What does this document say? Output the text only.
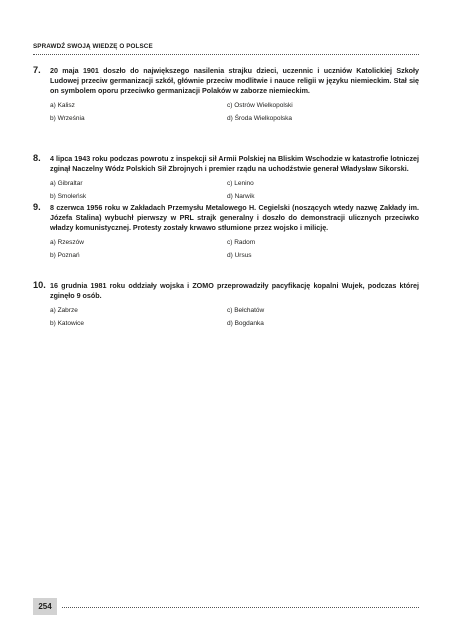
SPRAWDŹ SWOJĄ WIEDZĘ O POLSCE
7. 20 maja 1901 doszło do największego nasilenia strajku dzieci, uczennic i uczniów Katolickiej Szkoły Ludowej przeciw germanizacji szkół, głównie przeciw modlitwie i nauce religii w języku niemieckim. Stał się on symbolem oporu przeciwko germanizacji Polaków w zaborze niemieckim.
a) Kalisz	c) Ostrów Wielkopolski
b) Września	d) Środa Wielkopolska
8. 4 lipca 1943 roku podczas powrotu z inspekcji sił Armii Polskiej na Bliskim Wschodzie w katastrofie lotniczej zginął Naczelny Wódz Polskich Sił Zbrojnych i premier rządu na uchodźstwie generał Władysław Sikorski.
a) Gibraltar	c) Lenino
b) Smoleńsk	d) Narwik
9. 8 czerwca 1956 roku w Zakładach Przemysłu Metalowego H. Cegielski (noszących wtedy nazwę Zakłady im. Józefa Stalina) wybuchł pierwszy w PRL strajk generalny i doszło do demonstracji ulicznych przeciwko władzy komunistycznej. Protesty zostały krwawo stłumione przez wojsko i milicję.
a) Rzeszów	c) Radom
b) Poznań	d) Ursus
10. 16 grudnia 1981 roku oddziały wojska i ZOMO przeprowadziły pacyfikację kopalni Wujek, podczas której zginęło 9 osób.
a) Zabrze	c) Bełchatów
b) Katowice	d) Bogdanka
254
